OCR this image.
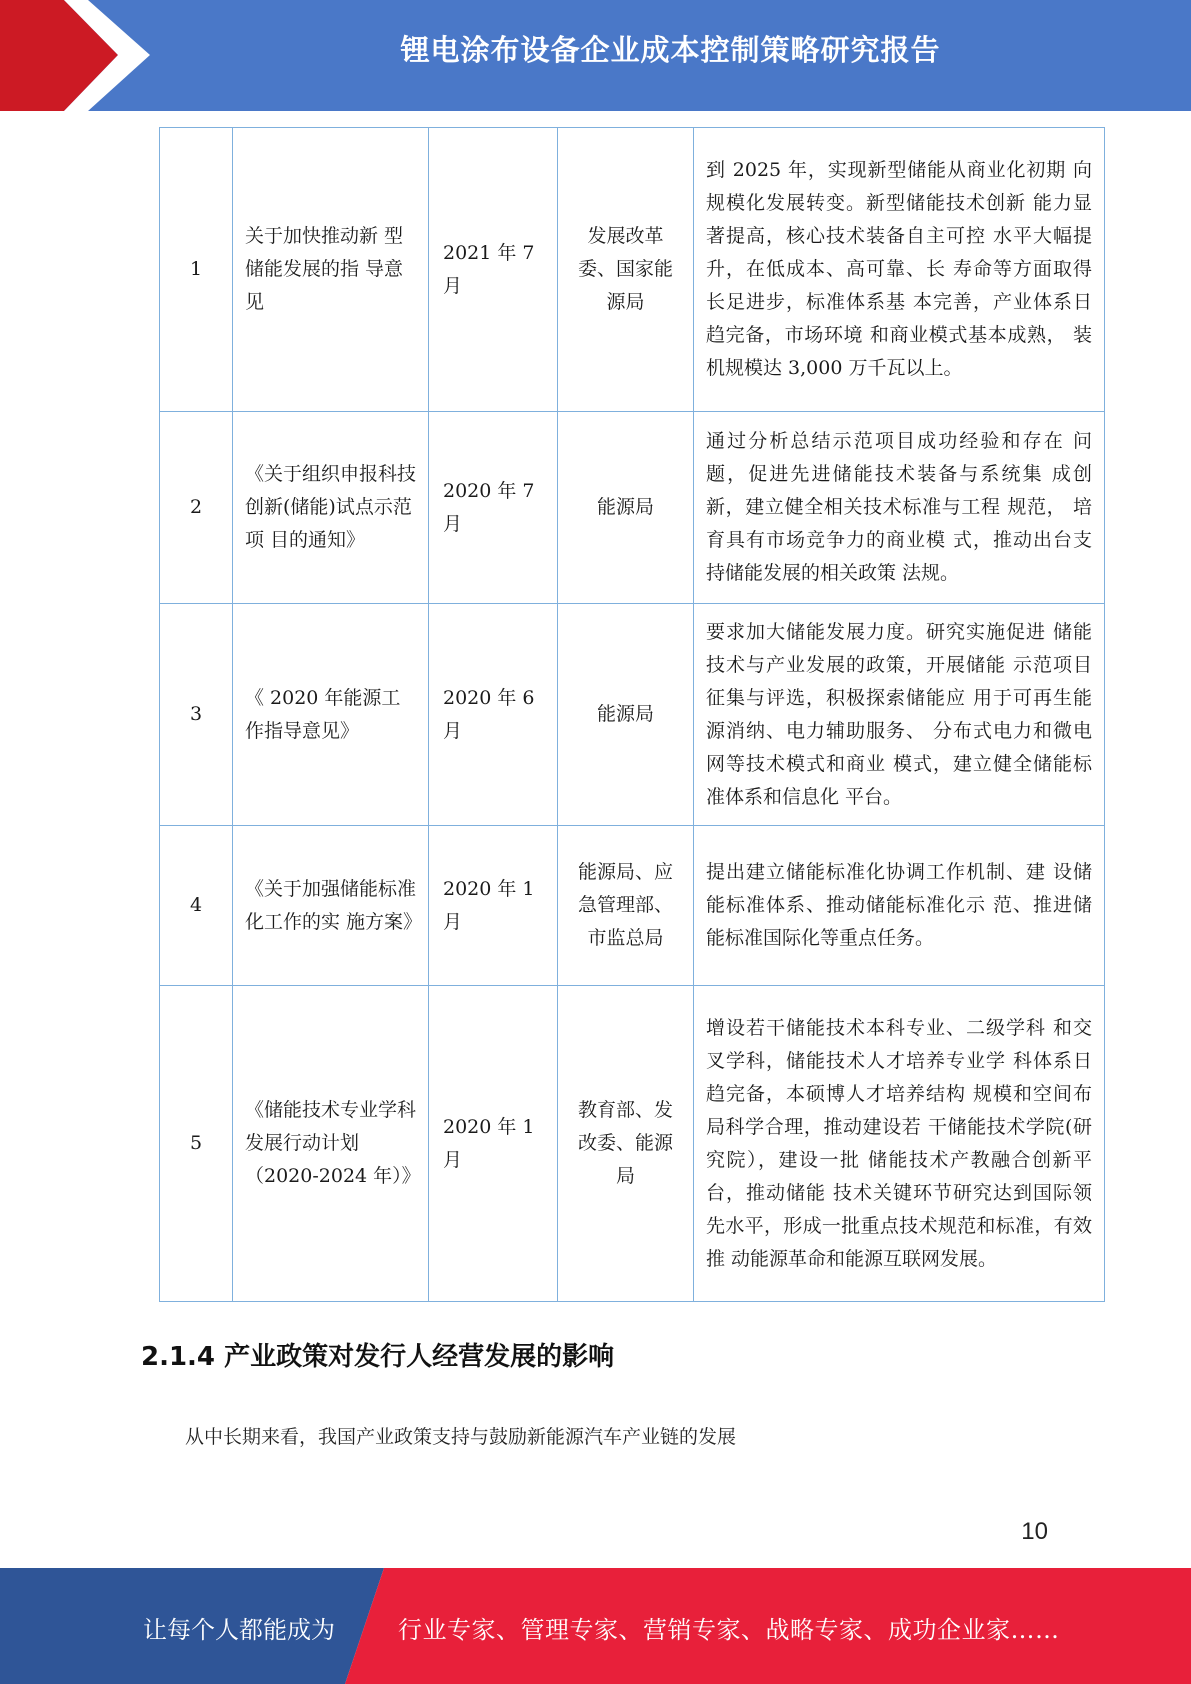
锂电涂布设备企业成本控制策略研究报告
1	关于加快推动新 型储能发展的指 导意见	2021 年 7 月	发展改革委、国家能源局	到 2025 年，实现新型储能从商业化初期 向规模化发展转变。新型储能技术创新 能力显著提高，核心技术装备自主可控 水平大幅提升，在低成本、高可靠、长 寿命等方面取得长足进步，标准体系基 本完善，产业体系日趋完备，市场环境 和商业模式基本成熟， 装机规模达 3,000 万千瓦以上。
2	《关于组织申报科技创新(储能)试点示范项 目的通知》	2020 年 7 月	能源局	通过分析总结示范项目成功经验和存在 问题，促进先进储能技术装备与系统集 成创新，建立健全相关技术标准与工程 规范， 培育具有市场竞争力的商业模 式，推动出台支持储能发展的相关政策 法规。
3	《 2020 年能源工作指导意见》	2020 年 6 月	能源局	要求加大储能发展力度。研究实施促进 储能技术与产业发展的政策，开展储能 示范项目征集与评选，积极探索储能应 用于可再生能源消纳、电力辅助服务、 分布式电力和微电网等技术模式和商业 模式，建立健全储能标准体系和信息化 平台。
4	《关于加强储能标准化工作的实 施方案》	2020 年 1 月	能源局、应急管理部、市监总局	提出建立储能标准化协调工作机制、建 设储能标准体系、推动储能标准化示 范、推进储能标准国际化等重点任务。
5	《储能技术专业学科发展行动计划（2020-2024 年）》	2020 年 1 月	教育部、发改委、能源局	增设若干储能技术本科专业、二级学科 和交叉学科，储能技术人才培养专业学 科体系日趋完备，本硕博人才培养结构 规模和空间布局科学合理，推动建设若 干储能技术学院(研究院），建设一批 储能技术产教融合创新平台，推动储能 技术关键环节研究达到国际领先水平，形成一批重点技术规范和标准，有效推 动能源革命和能源互联网发展。
2.1.4 产业政策对发行人经营发展的影响
从中长期来看，我国产业政策支持与鼓励新能源汽车产业链的发展
10
让每个人都能成为	行业专家、管理专家、营销专家、战略专家、成功企业家……
